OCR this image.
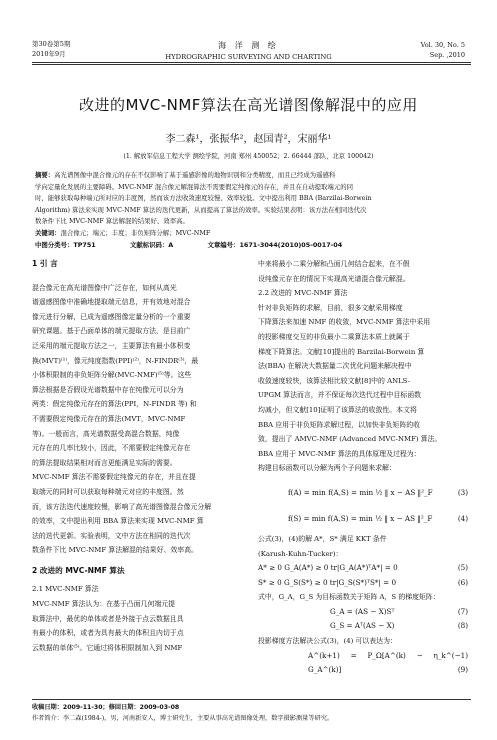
第30卷第5期
2010年9月
海 洋 测 绘
HYDROGRAPHIC SURVEYING AND CHARTING
Vol. 30, No. 5
Sep. ,2010
改进的MVC-NMF算法在高光谱图像解混中的应用
李二森¹，张振华²，赵国青²，宋丽华¹
(1. 解放军信息工程大学 测绘学院，河南 郑州 450052；2. 66444 部队，北京 100042)
摘要：高光谱图像中混合像元的存在不仅影响了基于遥感影像的地物识别和分类精度，而且已经成为遥感科
学向定量化发展的主要障碍。MVC-NMF 混合像元解混算法不需要假定纯像元的存在，并且在自动提取端元的同
时，能够获取每种端元所对应的丰度图，然而该方法收敛速度较慢、效率较低。文中提出利用 BBA (Barzilai-Borwein
Algorithm) 算法来实现 MVC-NMF 算法的迭代更新，从而提高了算法的效率。实验结果表明：该方法在相同迭代次
数条件下比 MVC-NMF 算法解混的结果好、效率高。
关键词：混合像元；端元；丰度；非负矩阵分解；MVC-NMF
中图分类号：TP751	文献标识码：A	文章编号：1671-3044(2010)05-0017-04
1 引 言
混合像元在高光谱图像中广泛存在，如何从高光
谱遥感图像中准确地提取端元信息，并有效地对混合
像元进行分解，已成为遥感图像定量分析的一个重要
研究课题。基于凸面单体的端元提取方法，是目前广
泛采用的端元提取方法之一，主要算法有最小体积变
换(MVT)⁽¹⁾，像元纯度指数(PPI)⁽²⁾，N-FINDR⁽³⁾，最
小体积限制的非负矩阵分解(MVC-NMF)⁽⁵⁾等。这些
算法根据是否假设光谱数据中存在纯像元可以分为
两类：假定纯像元存在的算法(PPI，N-FINDR 等) 和
不需要假定纯像元存在的算法(MVT，MVC-NMF
等)。一般而言，高光谱数据受高混合数据，纯像
元存在的几率比较小，因此，不需要假定纯像元存在
的算法提取结果相对而言更能满足实际的需要。
MVC-NMF 算法不需要假定纯像元的存在，并且在提
取端元的同时可以获取每种端元对应的丰度图。然
而，该方法迭代速度较慢，影响了高光谱图像混合像元分解
的效率，文中提出利用 BBA 算法来实现 MVC-NMF 算
法的迭代更新。实验表明，文中方法在相同的迭代次
数条件下比 MVC-NMF 算法解混的结果好、效率高。
2 改进的 MVC-NMF 算法
2.1 MVC-NMF 算法
MVC-NMF 算法认为：在基于凸面几何端元提
取算法中，最优的单体或者是外接于点云数据且具
有最小的体积，或者为具有最大的体积且内切于点
云数据的单体⁽⁵⁾。它通过将体积限制加入到 NMF
中来将最小二乘分解和凸面几何结合起来，在不假
设纯像元存在的情况下实现高光谱混合像元解混。
2.2 改进的 MVC-NMF 算法
针对非负矩阵的求解，目前，很多文献采用梯度
下降算法来加速 NMF 的收敛，MVC-NMF 算法中采用
的投影梯度交互的非负最小二乘算法本质上就属于
梯度下降算法。文献[10]提出的 Barzilai-Borwein 算
法(BBA) 在解决大数据量二次优化问题来解决程中
收敛速度较快，该算法相比较文献[8]中的 ANLS-
UPGM 算法而言，并不保证每次迭代过程中目标函数
均减小，但文献[10]证明了该算法的收敛性。本文将
BBA 应用于非负矩阵求解过程，以加快非负矩阵的收
敛，提出了 AMVC-NMF (Advanced MVC-NMF) 算法。
BBA 应用于 MVC-NMF 算法的具体原理及过程为：
构建目标函数可以分解为两个子问题来求解：
f(A) = min f(A,S) = min ½ ‖ x − AS ‖²_F	(3)
f(S) = min f(A,S) = min ½ ‖ x − AS ‖²_F	(4)
公式(3)，(4)的解 A*，S* 满足 KKT 条件
(Karush-Kuhn-Tucker)：
A* ≥ 0 G_A(A*) ≥ 0 tr|G_A(A*)ᵀA*| = 0	(5)
S* ≥ 0 G_S(S*) ≥ 0 tr|G_S(S*)ᵀS*| = 0	(6)
式中，G_A，G_S 为目标函数关于矩阵 A，S 的梯度矩阵：
G_A = (AS − X)Sᵀ	(7)
G_S = Aᵀ(AS − X)	(8)
投影梯度方法解决公式(3)，(4) 可以表达为：
A^(k+1) = P_Ω[A^(k) − η_k^(−1) G_A^(k)]	(9)
收稿日期：2009-11-30；修回日期：2009-03-08
作者简介：李二森(1984-)，男，河南新安人，博士研究生，主要从事高光谱图像处理，数字摄影测量等研究。
